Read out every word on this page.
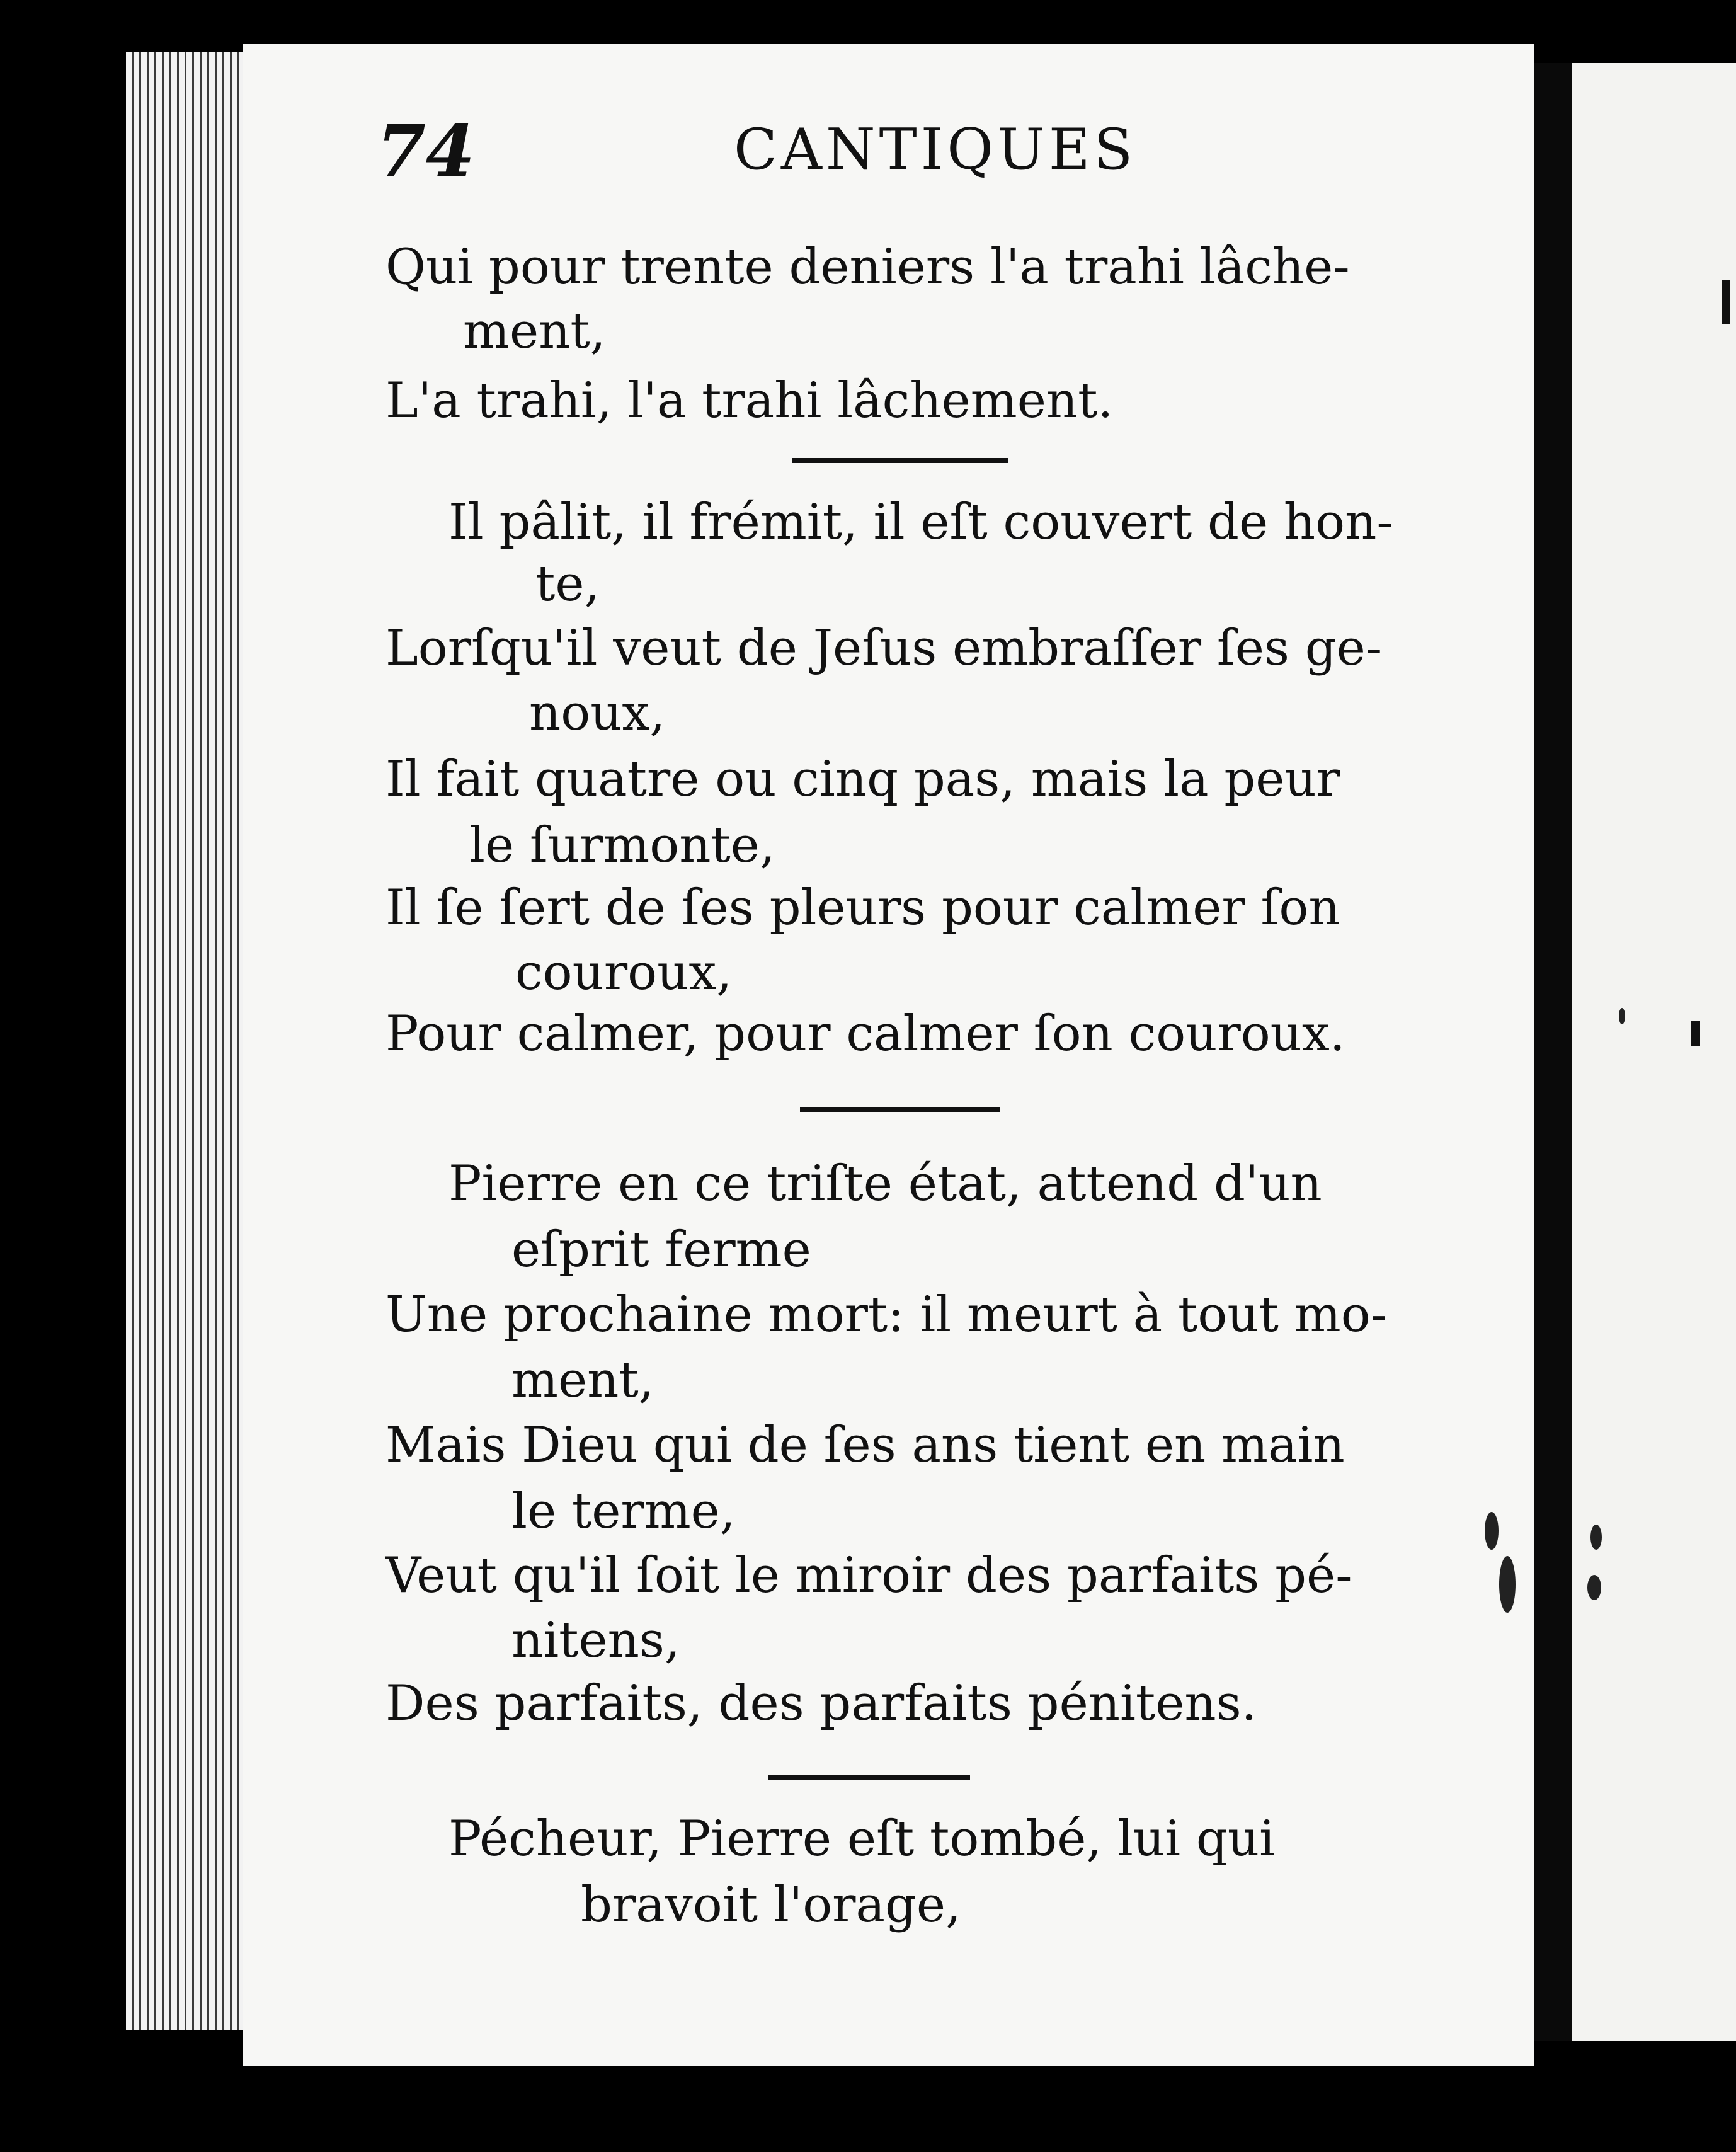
74	CANTIQUES
Qui pour trente deniers l'a trahi lâche-
ment,
L'a trahi, l'a trahi lâchement.
Il pâlit, il frémit, il eſt couvert de hon-
te,
Lorſqu'il veut de Jeſus embraſſer ſes ge-
noux,
Il fait quatre ou cinq pas, mais la peur
le ſurmonte,
Il ſe ſert de ſes pleurs pour calmer ſon
couroux,
Pour calmer, pour calmer ſon couroux.
Pierre en ce triſte état, attend d'un
eſprit ferme
Une prochaine mort: il meurt à tout mo-
ment,
Mais Dieu qui de ſes ans tient en main
le terme,
Veut qu'il ſoit le miroir des parfaits pé-
nitens,
Des parfaits, des parfaits pénitens.
Pécheur, Pierre eſt tombé, lui qui
bravoit l'orage,
